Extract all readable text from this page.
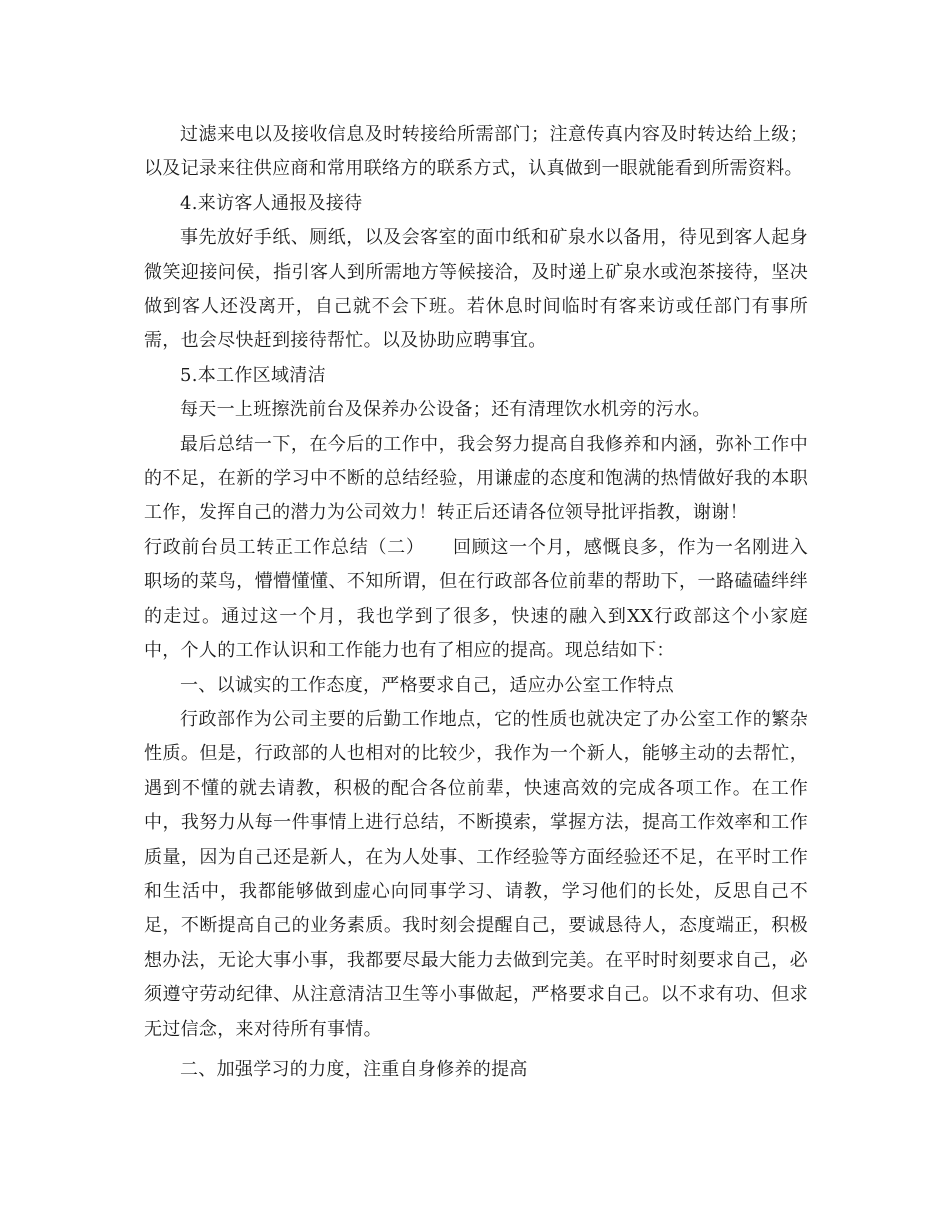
过滤来电以及接收信息及时转接给所需部门；注意传真内容及时转达给上级；以及记录来往供应商和常用联络方的联系方式，认真做到一眼就能看到所需资料。

4.来访客人通报及接待

事先放好手纸、厕纸，以及会客室的面巾纸和矿泉水以备用，待见到客人起身微笑迎接问侯，指引客人到所需地方等候接洽，及时递上矿泉水或泡茶接待，坚决做到客人还没离开，自己就不会下班。若休息时间临时有客来访或任部门有事所需，也会尽快赶到接待帮忙。以及协助应聘事宜。

5.本工作区域清洁

每天一上班擦洗前台及保养办公设备；还有清理饮水机旁的污水。

最后总结一下，在今后的工作中，我会努力提高自我修养和内涵，弥补工作中的不足，在新的学习中不断的总结经验，用谦虚的态度和饱满的热情做好我的本职工作，发挥自己的潜力为公司效力！转正后还请各位领导批评指教，谢谢！

行政前台员工转正工作总结（二）　　回顾这一个月，感慨良多，作为一名刚进入职场的菜鸟，懵懵懂懂、不知所谓，但在行政部各位前辈的帮助下，一路磕磕绊绊的走过。通过这一个月，我也学到了很多，快速的融入到XX行政部这个小家庭中，个人的工作认识和工作能力也有了相应的提高。现总结如下：

一、以诚实的工作态度，严格要求自己，适应办公室工作特点

行政部作为公司主要的后勤工作地点，它的性质也就决定了办公室工作的繁杂性质。但是，行政部的人也相对的比较少，我作为一个新人，能够主动的去帮忙，遇到不懂的就去请教，积极的配合各位前辈，快速高效的完成各项工作。在工作中，我努力从每一件事情上进行总结，不断摸索，掌握方法，提高工作效率和工作质量，因为自己还是新人，在为人处事、工作经验等方面经验还不足，在平时工作和生活中，我都能够做到虚心向同事学习、请教，学习他们的长处，反思自己不足，不断提高自己的业务素质。我时刻会提醒自己，要诚恳待人，态度端正，积极想办法，无论大事小事，我都要尽最大能力去做到完美。在平时时刻要求自己，必须遵守劳动纪律、从注意清洁卫生等小事做起，严格要求自己。以不求有功、但求无过信念，来对待所有事情。

二、加强学习的力度，注重自身修养的提高
